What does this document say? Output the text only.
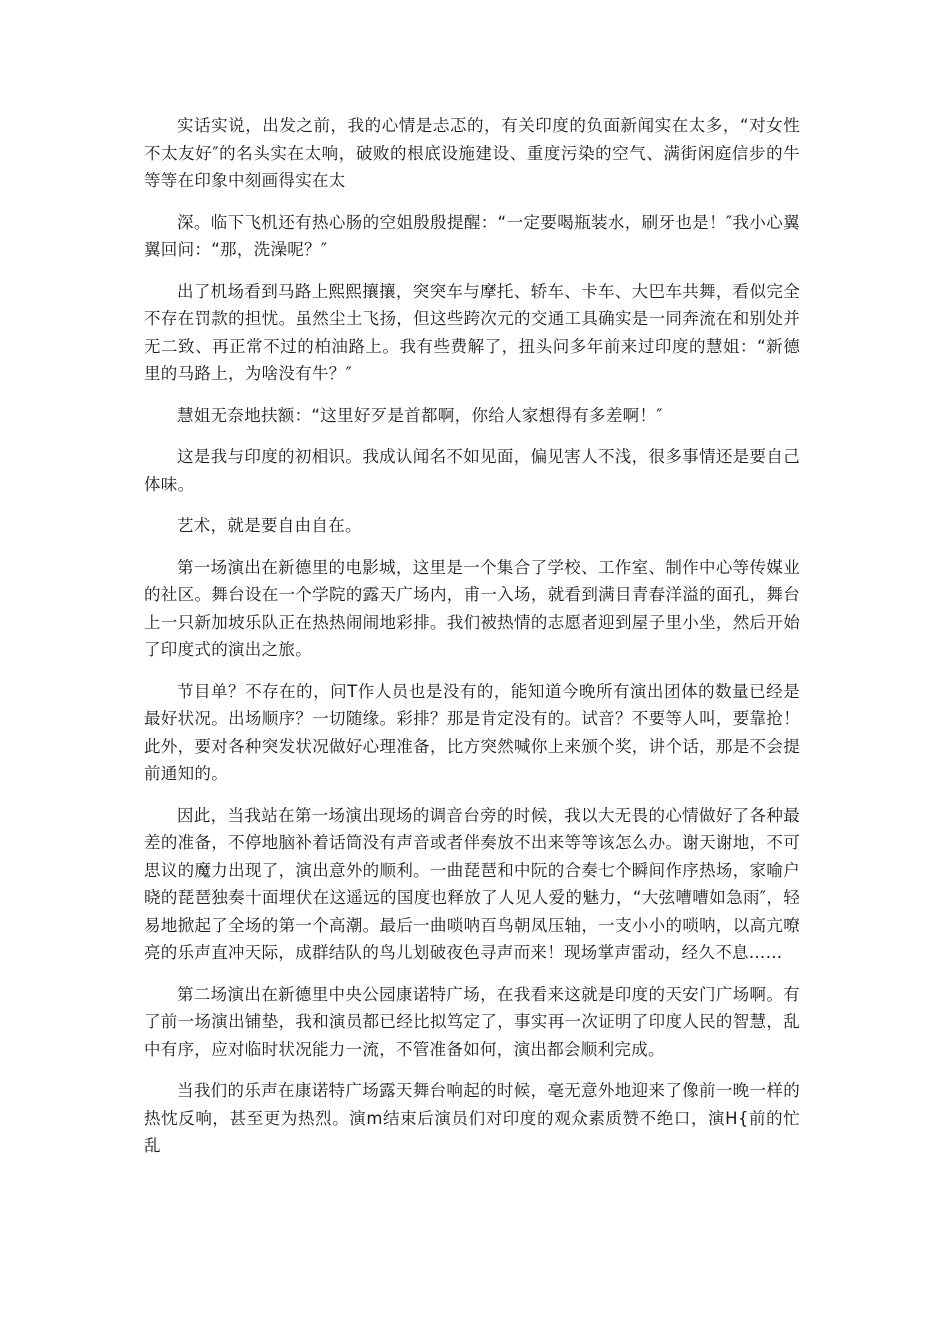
实话实说，出发之前，我的心情是忐忑的，有关印度的负面新闻实在太多，“对女性不太友好″的名头实在太响，破败的根底设施建设、重度污染的空气、满街闲庭信步的牛等等在印象中刻画得实在太

深。临下飞机还有热心肠的空姐殷殷提醒：“一定要喝瓶装水，刷牙也是！″我小心翼翼回问：“那，洗澡呢？″

出了机场看到马路上熙熙攘攘，突突车与摩托、轿车、卡车、大巴车共舞，看似完全不存在罚款的担忧。虽然尘土飞扬，但这些跨次元的交通工具确实是一同奔流在和别处并无二致、再正常不过的柏油路上。我有些费解了，扭头问多年前来过印度的慧姐：“新德里的马路上，为啥没有牛？″

慧姐无奈地扶额：“这里好歹是首都啊，你给人家想得有多差啊！″

这是我与印度的初相识。我成认闻名不如见面，偏见害人不浅，很多事情还是要自己体味。

艺术，就是要自由自在。

第一场演出在新德里的电影城，这里是一个集合了学校、工作室、制作中心等传媒业的社区。舞台设在一个学院的露天广场内，甫一入场，就看到满目青春洋溢的面孔，舞台上一只新加坡乐队正在热热闹闹地彩排。我们被热情的志愿者迎到屋子里小坐，然后开始了印度式的演出之旅。

节目单？不存在的，问T作人员也是没有的，能知道今晚所有演出团体的数量已经是最好状况。出场顺序？一切随缘。彩排？那是肯定没有的。试音？不要等人叫，要靠抢！此外，要对各种突发状况做好心理准备，比方突然喊你上来颁个奖，讲个话，那是不会提前通知的。

因此，当我站在第一场演出现场的调音台旁的时候，我以大无畏的心情做好了各种最差的准备，不停地脑补着话筒没有声音或者伴奏放不出来等等该怎么办。谢天谢地，不可思议的魔力出现了，演出意外的顺利。一曲琵琶和中阮的合奏七个瞬间作序热场，家喻户晓的琵琶独奏十面埋伏在这遥远的国度也释放了人见人爱的魅力，“大弦嘈嘈如急雨″，轻易地掀起了全场的第一个高潮。最后一曲唢呐百鸟朝凤压轴，一支小小的唢呐，以高亢嘹亮的乐声直冲天际，成群结队的鸟儿划破夜色寻声而来！现场掌声雷动，经久不息……

第二场演出在新德里中央公园康诺特广场，在我看来这就是印度的天安门广场啊。有了前一场演出铺垫，我和演员都已经比拟笃定了，事实再一次证明了印度人民的智慧，乱中有序，应对临时状况能力一流，不管准备如何，演出都会顺利完成。

当我们的乐声在康诺特广场露天舞台响起的时候，毫无意外地迎来了像前一晚一样的热忱反响，甚至更为热烈。演m结束后演员们对印度的观众素质赞不绝口，演H{前的忙乱
